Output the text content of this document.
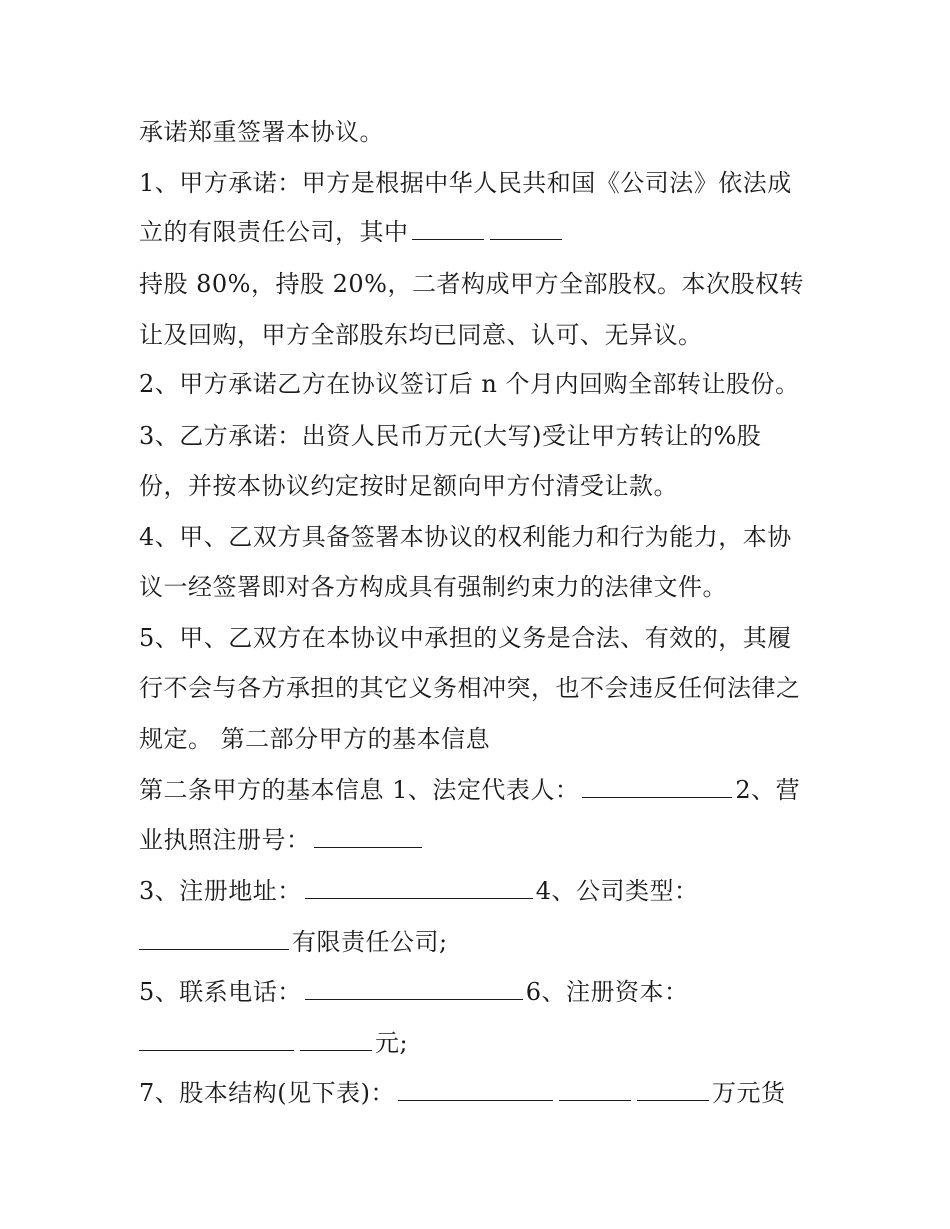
承诺郑重签署本协议。
1、甲方承诺：甲方是根据中华人民共和国《公司法》依法成
立的有限责任公司，其中
持股 80%，持股 20%，二者构成甲方全部股权。本次股权转
让及回购，甲方全部股东均已同意、认可、无异议。
2、甲方承诺乙方在协议签订后 n 个月内回购全部转让股份。
3、乙方承诺：出资人民币万元(大写)受让甲方转让的%股
份，并按本协议约定按时足额向甲方付清受让款。
4、甲、乙双方具备签署本协议的权利能力和行为能力，本协
议一经签署即对各方构成具有强制约束力的法律文件。
5、甲、乙双方在本协议中承担的义务是合法、有效的，其履
行不会与各方承担的其它义务相冲突，也不会违反任何法律之
规定。 第二部分甲方的基本信息
第二条甲方的基本信息 1、法定代表人：	2、营
业执照注册号：
3、注册地址：	4、公司类型：
有限责任公司;
5、联系电话：	6、注册资本：
元;
7、股本结构(见下表)：	万元货
